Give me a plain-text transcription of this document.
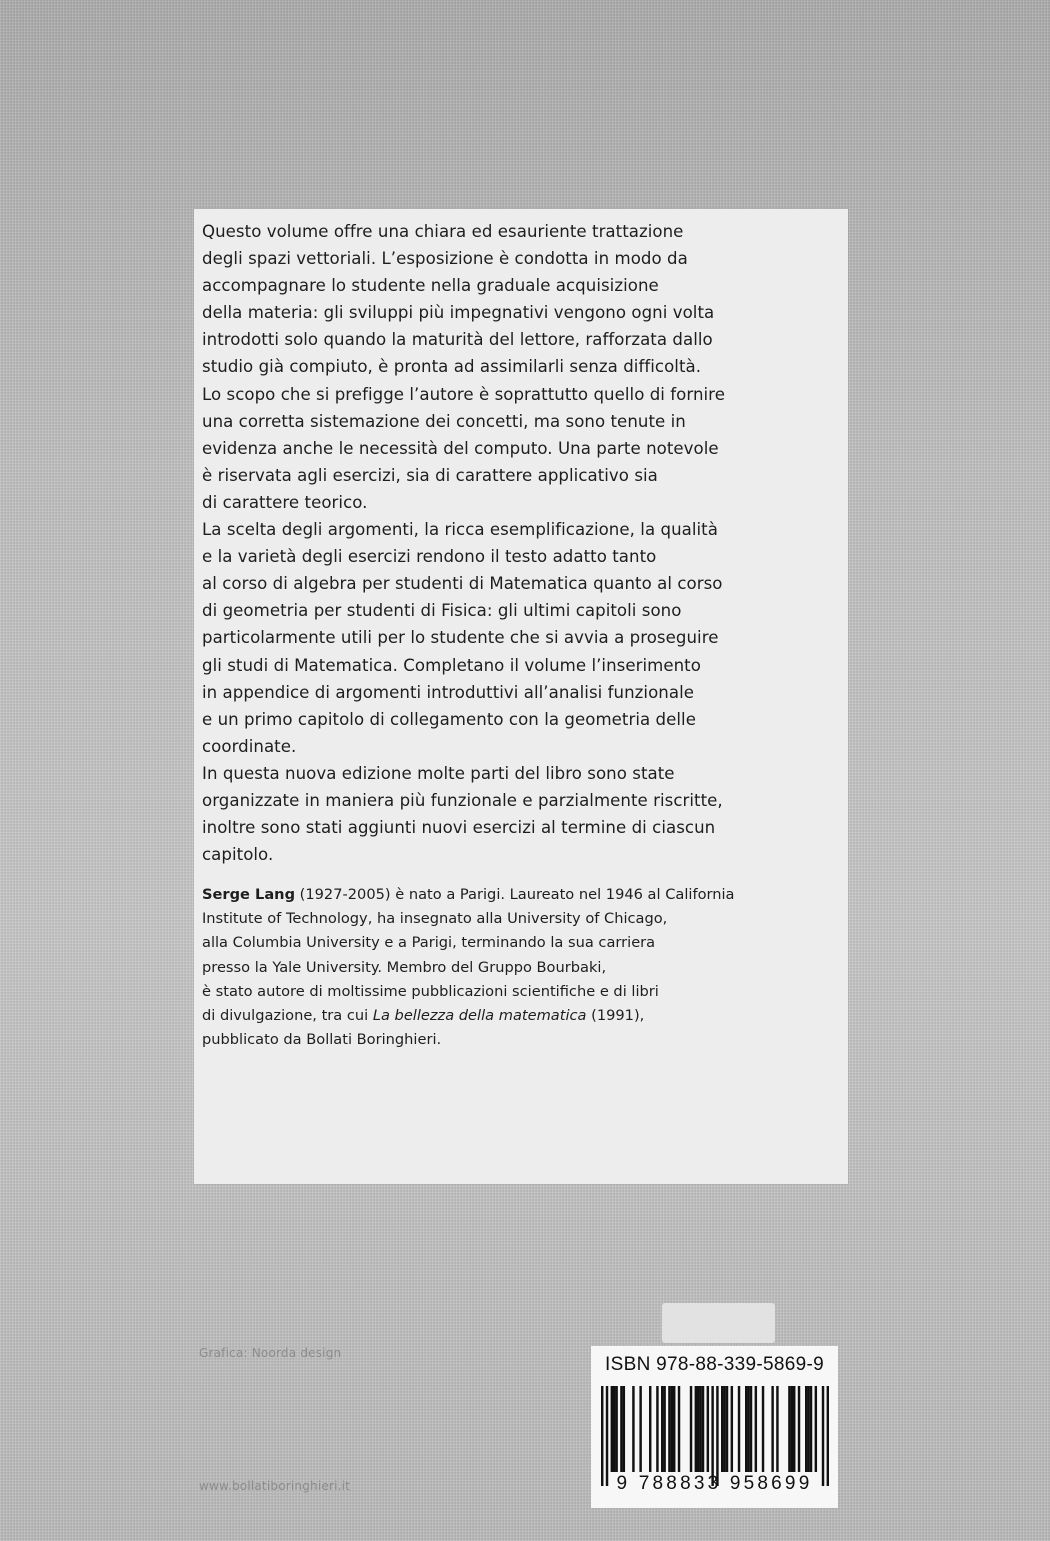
Questo volume offre una chiara ed esauriente trattazione
degli spazi vettoriali. L’esposizione è condotta in modo da
accompagnare lo studente nella graduale acquisizione
della materia: gli sviluppi più impegnativi vengono ogni volta
introdotti solo quando la maturità del lettore, rafforzata dallo
studio già compiuto, è pronta ad assimilarli senza difficoltà.
Lo scopo che si prefigge l’autore è soprattutto quello di fornire
una corretta sistemazione dei concetti, ma sono tenute in
evidenza anche le necessità del computo. Una parte notevole
è riservata agli esercizi, sia di carattere applicativo sia
di carattere teorico.
La scelta degli argomenti, la ricca esemplificazione, la qualità
e la varietà degli esercizi rendono il testo adatto tanto
al corso di algebra per studenti di Matematica quanto al corso
di geometria per studenti di Fisica: gli ultimi capitoli sono
particolarmente utili per lo studente che si avvia a proseguire
gli studi di Matematica. Completano il volume l’inserimento
in appendice di argomenti introduttivi all’analisi funzionale
e un primo capitolo di collegamento con la geometria delle
coordinate.
In questa nuova edizione molte parti del libro sono state
organizzate in maniera più funzionale e parzialmente riscritte,
inoltre sono stati aggiunti nuovi esercizi al termine di ciascun
capitolo.

Serge Lang (1927-2005) è nato a Parigi. Laureato nel 1946 al California
Institute of Technology, ha insegnato alla University of Chicago,
alla Columbia University e a Parigi, terminando la sua carriera
presso la Yale University. Membro del Gruppo Bourbaki,
è stato autore di moltissime pubblicazioni scientifiche e di libri
di divulgazione, tra cui La bellezza della matematica (1991),
pubblicato da Bollati Boringhieri.

Grafica: Noorda design
www.bollatiboringhieri.it
ISBN 978-88-339-5869-9
9 788833 958699
